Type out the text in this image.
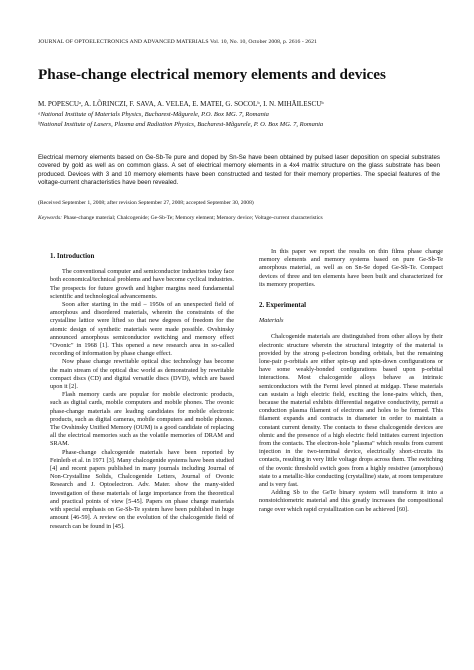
JOURNAL OF OPTOELECTRONICS AND ADVANCED MATERIALS Vol. 10, No. 10, October 2008, p. 2616 - 2621
Phase-change electrical memory elements and devices
M. POPESCUᵃ, A. LÕRINCZI, F. SAVA, A. VELEA, E. MATEI, G. SOCOLᵇ, I. N. MIHÃILESCUᵇ
ᵃNational Institute of Materials Physics, Bucharest-Mãgurele, P.O. Box MG. 7, Romania
ᵇNational Institute of Lasers, Plasma and Radiation Physics, Bucharest-Mãgurele, P. O. Box MG. 7, Romania
Electrical memory elements based on Ge-Sb-Te pure and doped by Sn-Se have been obtained by pulsed laser deposition on special substrates covered by gold as well as on common glass. A set of electrical memory elements in a 4x4 matrix structure on the glass substrate has been produced. Devices with 3 and 10 memory elements have been constructed and tested for their memory properties. The special features of the voltage-current characteristics have been revealed.
(Received September 1, 2008; after revision September 27, 2008; accepted September 30, 2008)
Keywords: Phase-change material; Chalcogenide; Ge-Sb-Te; Memory element; Memory device; Voltage-current characteristics
1. Introduction

The conventional computer and semiconductor industries today face both economical/technical problems and have become cyclical industries. The prospects for future growth and higher margins need fundamental scientific and technological advancements.

Soon after starting in the mid – 1950s of an unexpected field of amorphous and disordered materials, wherein the constraints of the crystalline lattice were lifted so that new degrees of freedom for the atomic design of synthetic materials were made possible. Ovshinsky announced amorphous semiconductor switching and memory effect "Ovonic" in 1968 [1]. This opened a new research area in so-called recording of information by phase change effect.

Now phase change rewritable optical disc technology has become the main stream of the optical disc world as demonstrated by rewritable compact discs (CD) and digital versatile discs (DVD), which are based upon it [2].

Flash memory cards are popular for mobile electronic products, such as digital cards, mobile computers and mobile phones. The ovonic phase-change materials are leading candidates for mobile electronic products, such as digital cameras, mobile computers and mobile phones. The Ovshinsky Unified Memory (OUM) is a good candidate of replacing all the electrical memories such as the volatile memories of DRAM and SRAM.

Phase-change chalcogenide materials have been reported by Feinleib et al. in 1971 [3]. Many chalcogenide systems have been studied [4] and recent papers published in many journals including Journal of Non-Crystalline Solids, Chalcogenide Letters, Journal of Ovonic Research and J. Optoelectron. Adv. Mater. show the many-sided investigation of these materials of large importance from the theoretical and practical points of view [5-45]. Papers on phase change materials with special emphasis on Ge-Sb-Te system have been published in huge amount [46-59]. A review on the evolution of the chalcogenide field of research can be found in [45].

In this paper we report the results on thin films phase change memory elements and memory systems based on pure Ge-Sb-Te amorphous material, as well as on Sn-Se doped Ge-Sb-Te. Compact devices of three and ten elements have been built and characterized for its memory properties.

2. Experimental
Materials

Chalcogenide materials are distinguished from other alloys by their electronic structure wherein the structural integrity of the material is provided by the strong p-electron bonding orbitals, but the remaining lone-pair p-orbitals are either spin-up and spin-down configurations or have some weakly-bonded configurations based upon p-orbital interactions. Most chalcogenide alloys behave as intrinsic semiconductors with the Fermi level pinned at midgap. These materials can sustain a high electric field, exciting the lone-pairs which, then, because the material exhibits differential negative conductivity, permit a conduction plasma filament of electrons and holes to be formed. This filament expands and contracts in diameter in order to maintain a constant current density. The contacts to these chalcogenide devices are ohmic and the presence of a high electric field initiates current injection from the contacts. The electron-hole "plasma" which results from current injection in the two-terminal device, electrically short-circuits its contacts, resulting in very little voltage drops across them. The switching of the ovonic threshold switch goes from a highly resistive (amorphous) state to a metallic-like conducting (crystalline) state, at room temperature and is very fast.

Adding Sb to the GeTe binary system will transform it into a nonstoichiometric material and this greatly increases the compositional range over which rapid crystallization can be achieved [60].
